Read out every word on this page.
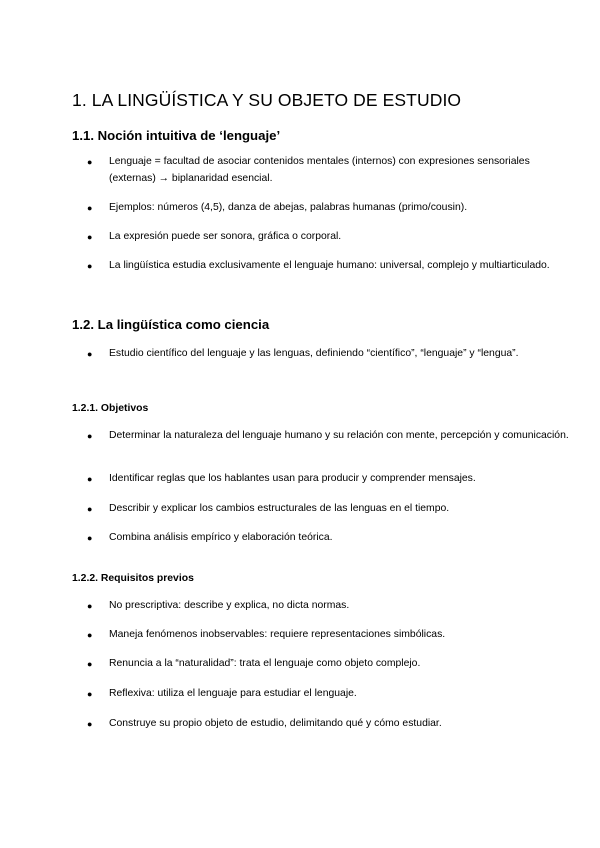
1. LA LINGÜÍSTICA Y SU OBJETO DE ESTUDIO
1.1. Noción intuitiva de ‘lenguaje’
● Lenguaje = facultad de asociar contenidos mentales (internos) con expresiones sensoriales (externas) → biplanaridad esencial.
● Ejemplos: números (4,5), danza de abejas, palabras humanas (primo/cousin).
● La expresión puede ser sonora, gráfica o corporal.
● La lingüística estudia exclusivamente el lenguaje humano: universal, complejo y multiarticulado.
1.2. La lingüística como ciencia
● Estudio científico del lenguaje y las lenguas, definiendo “científico”, “lenguaje” y “lengua”.
1.2.1. Objetivos
● Determinar la naturaleza del lenguaje humano y su relación con mente, percepción y comunicación.
● Identificar reglas que los hablantes usan para producir y comprender mensajes.
● Describir y explicar los cambios estructurales de las lenguas en el tiempo.
● Combina análisis empírico y elaboración teórica.
1.2.2. Requisitos previos
● No prescriptiva: describe y explica, no dicta normas.
● Maneja fenómenos inobservables: requiere representaciones simbólicas.
● Renuncia a la “naturalidad”: trata el lenguaje como objeto complejo.
● Reflexiva: utiliza el lenguaje para estudiar el lenguaje.
● Construye su propio objeto de estudio, delimitando qué y cómo estudiar.
